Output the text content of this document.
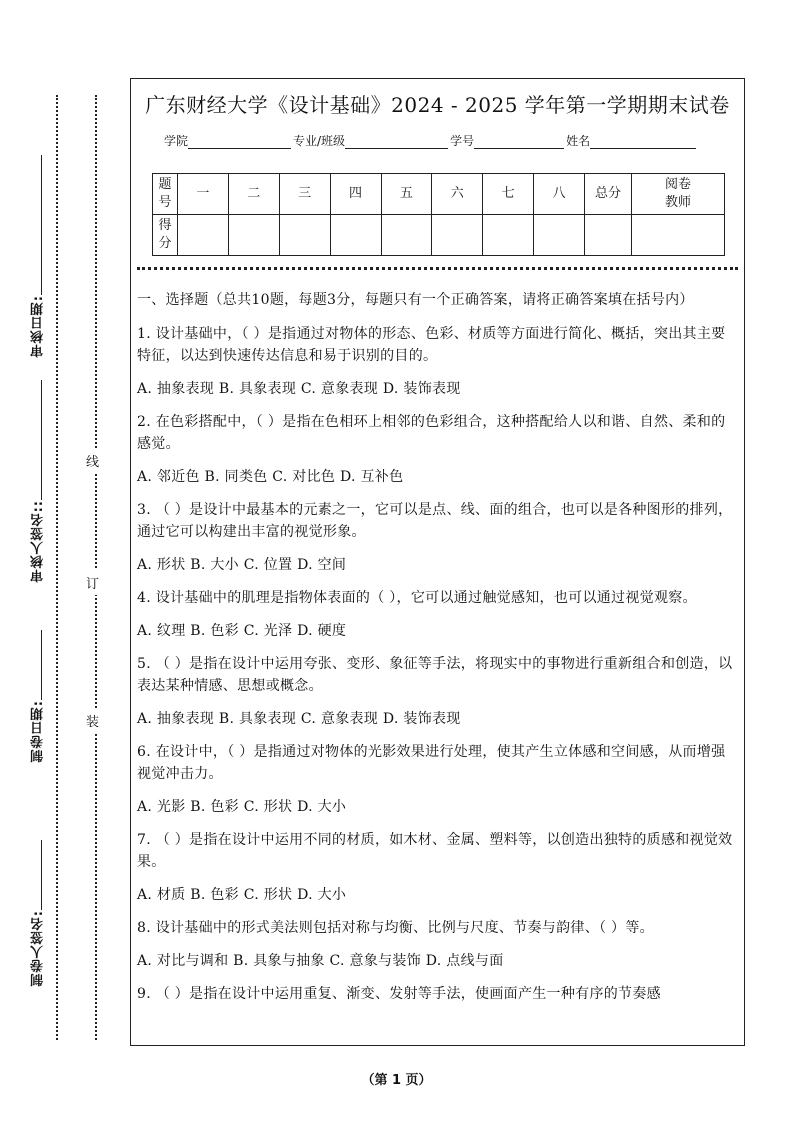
审核日期:
审核人签名::
制卷日期:
制卷人签名:
线
订
装
广东财经大学《设计基础》2024 - 2025 学年第一学期期末试卷
学院	专业/班级	学号	姓名
题
号	一	二	三	四	五	六	七	八	总分	阅卷
教师
得
分										

一、选择题（总共10题，每题3分，每题只有一个正确答案，请将正确答案填在括号内）

1. 设计基础中，（ ）是指通过对物体的形态、色彩、材质等方面进行简化、概括，突出其主要特征，以达到快速传达信息和易于识别的目的。

A. 抽象表现 B. 具象表现 C. 意象表现 D. 装饰表现

2. 在色彩搭配中，（ ）是指在色相环上相邻的色彩组合，这种搭配给人以和谐、自然、柔和的感觉。

A. 邻近色 B. 同类色 C. 对比色 D. 互补色

3. （ ）是设计中最基本的元素之一，它可以是点、线、面的组合，也可以是各种图形的排列，通过它可以构建出丰富的视觉形象。

A. 形状 B. 大小 C. 位置 D. 空间

4. 设计基础中的肌理是指物体表面的（ ），它可以通过触觉感知，也可以通过视觉观察。

A. 纹理 B. 色彩 C. 光泽 D. 硬度

5. （ ）是指在设计中运用夸张、变形、象征等手法，将现实中的事物进行重新组合和创造，以表达某种情感、思想或概念。

A. 抽象表现 B. 具象表现 C. 意象表现 D. 装饰表现

6. 在设计中，（ ）是指通过对物体的光影效果进行处理，使其产生立体感和空间感，从而增强视觉冲击力。

A. 光影 B. 色彩 C. 形状 D. 大小

7. （ ）是指在设计中运用不同的材质，如木材、金属、塑料等，以创造出独特的质感和视觉效果。

A. 材质 B. 色彩 C. 形状 D. 大小

8. 设计基础中的形式美法则包括对称与均衡、比例与尺度、节奏与韵律、（ ）等。

A. 对比与调和 B. 具象与抽象 C. 意象与装饰 D. 点线与面

9. （ ）是指在设计中运用重复、渐变、发射等手法，使画面产生一种有序的节奏感

（第 1 页）
